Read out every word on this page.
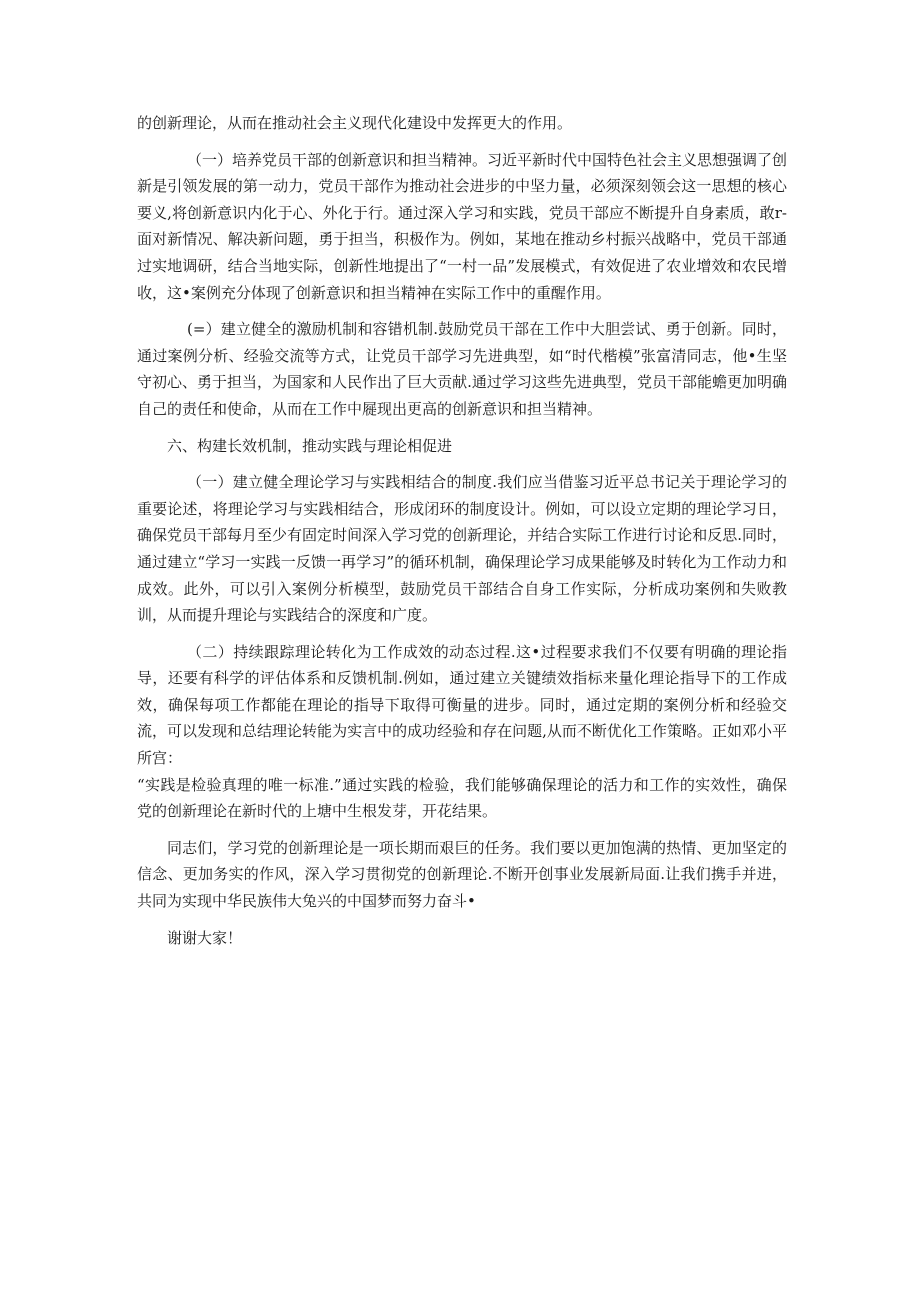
的创新理论，从而在推动社会主义现代化建设中发挥更大的作用。

（一）培养党员干部的创新意识和担当精神。习近平新时代中国特色社会主义思想强调了创新是引领发展的第一动力，党员干部作为推动社会进步的中坚力量，必须深刻领会这一思想的核心要义,将创新意识内化于心、外化于行。通过深入学习和实践，党员干部应不断提升自身素质，敢r-面对新情况、解决新问题，勇于担当，积极作为。例如，某地在推动乡村振兴战略中，党员干部通过实地调研，结合当地实际，创新性地提出了“一村一品”发展模式，有效促进了农业增效和农民增收，这•案例充分体现了创新意识和担当精神在实际工作中的重醒作用。

(=）建立健全的激励机制和容错机制.鼓励党员干部在工作中大胆尝试、勇于创新。同时，通过案例分析、经验交流等方式，让党员干部学习先进典型，如“时代楷模”张富清同志，他•生坚守初心、勇于担当，为国家和人民作出了巨大贡献.通过学习这些先进典型，党员干部能蟾更加明确自己的责任和使命，从而在工作中屣现出更高的创新意识和担当精神。

六、构建长效机制，推动实践与理论相促进

（一）建立健全理论学习与实践相结合的制度.我们应当借鉴习近平总书记关于理论学习的重要论述，将理论学习与实践相结合，形成闭环的制度设计。例如，可以设立定期的理论学习日，确保党员干部每月至少有固定时间深入学习党的创新理论，并结合实际工作进行讨论和反思.同时，通过建立“学习一实践一反馈一再学习”的循环机制，确保理论学习成果能够及时转化为工作动力和成效。此外，可以引入案例分析模型，鼓励党员干部结合自身工作实际，分析成功案例和失败教训，从而提升理论与实践结合的深度和广度。

（二）持续跟踪理论转化为工作成效的动态过程.这•过程要求我们不仅要有明确的理论指导，还要有科学的评估体系和反馈机制.例如，通过建立关键绩效指标来量化理论指导下的工作成效，确保每项工作都能在理论的指导下取得可衡量的进步。同时，通过定期的案例分析和经验交流，可以发现和总结理论转能为实言中的成功经验和存在问题,从而不断优化工作策略。正如邓小平所宫：

“实践是检验真理的唯一标准.”通过实践的检验，我们能够确保理论的活力和工作的实效性，确保党的创新理论在新时代的上塘中生根发芽，开花结果。

同志们，学习党的创新理论是一项长期而艰巨的任务。我们要以更加饱满的热情、更加坚定的信念、更加务实的作风，深入学习贯彻党的创新理论.不断开创事业发展新局面.让我们携手并进，共同为实现中华民族伟大兔兴的中国梦而努力奋斗•

谢谢大家！
